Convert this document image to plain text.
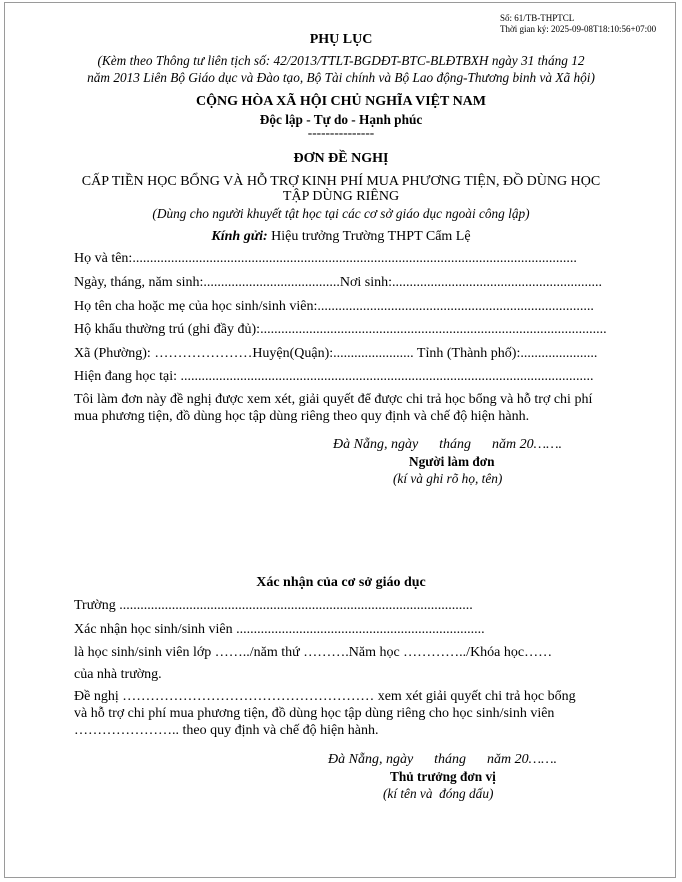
Số: 61/TB-THPTCL
Thời gian ký: 2025-09-08T18:10:56+07:00
PHỤ LỤC
(Kèm theo Thông tư liên tịch số: 42/2013/TTLT-BGDĐT-BTC-BLĐTBXH ngày 31 tháng 12
năm 2013 Liên Bộ Giáo dục và Đào tạo, Bộ Tài chính và Bộ Lao động-Thương binh và Xã hội)
CỘNG HÒA XÃ HỘI CHỦ NGHĨA VIỆT NAM
Độc lập - Tự do - Hạnh phúc
---------------
ĐƠN ĐỀ NGHỊ
CẤP TIỀN HỌC BỔNG VÀ HỖ TRỢ KINH PHÍ MUA PHƯƠNG TIỆN, ĐỒ DÙNG HỌC
TẬP DÙNG RIÊNG
(Dùng cho người khuyết tật học tại các cơ sở giáo dục ngoài công lập)
Kính gửi: Hiệu trưởng Trường THPT Cẩm Lệ
Họ và tên:...............................................................................................................................
Ngày, tháng, năm sinh:.......................................Nơi sinh:............................................................
Họ tên cha hoặc mẹ của học sinh/sinh viên:...............................................................................
Hộ khẩu thường trú (ghi đầy đủ):...................................................................................................
Xã (Phường): …………………Huyện(Quận):....................... Tỉnh (Thành phố):......................
Hiện đang học tại: ......................................................................................................................
Tôi làm đơn này đề nghị được xem xét, giải quyết để được chi trả học bổng và hỗ trợ chi phí
mua phương tiện, đồ dùng học tập dùng riêng theo quy định và chế độ hiện hành.
Đà Nẵng, ngày      tháng      năm 20…….
Người làm đơn
(kí và ghi rõ họ, tên)
Xác nhận của cơ sở giáo dục
Trường .....................................................................................................
Xác nhận học sinh/sinh viên .......................................................................
là học sinh/sinh viên lớp ……../năm thứ ……….Năm học …………../Khóa học……
của nhà trường.
Đề nghị ……………………………………………… xem xét giải quyết chi trả học bổng
và hỗ trợ chi phí mua phương tiện, đồ dùng học tập dùng riêng cho học sinh/sinh viên
………………….. theo quy định và chế độ hiện hành.
Đà Nẵng, ngày      tháng      năm 20…….
Thủ trưởng đơn vị
(kí tên và  đóng dấu)
